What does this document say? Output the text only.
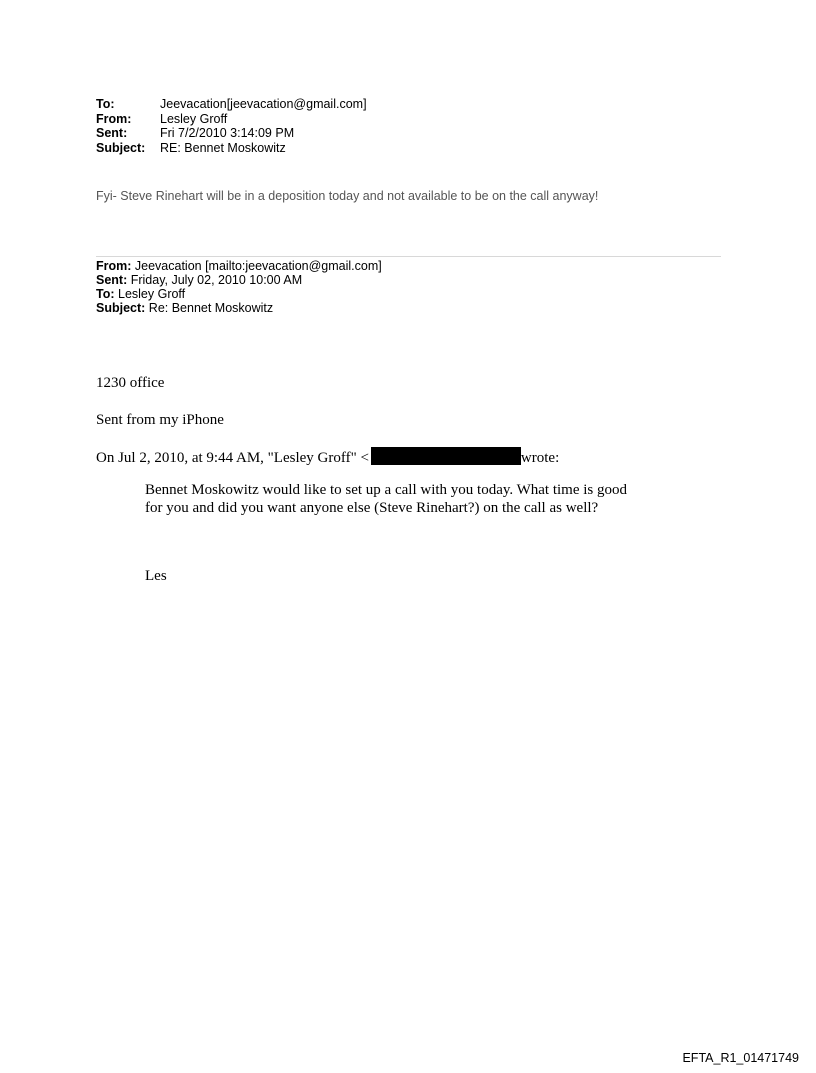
To:	Jeevacation[jeevacation@gmail.com]
From:	Lesley Groff
Sent:	Fri 7/2/2010 3:14:09 PM
Subject:	RE: Bennet Moskowitz
Fyi- Steve Rinehart will be in a deposition today and not available to be on the call anyway!
From: Jeevacation [mailto:jeevacation@gmail.com]
Sent: Friday, July 02, 2010 10:00 AM
To: Lesley Groff
Subject: Re: Bennet Moskowitz
1230 office
Sent from my iPhone
On Jul 2, 2010, at 9:44 AM, "Lesley Groff" <	wrote:
Bennet Moskowitz would like to set up a call with you today. What time is good
for you and did you want anyone else (Steve Rinehart?) on the call as well?
Les
EFTA_R1_01471749
